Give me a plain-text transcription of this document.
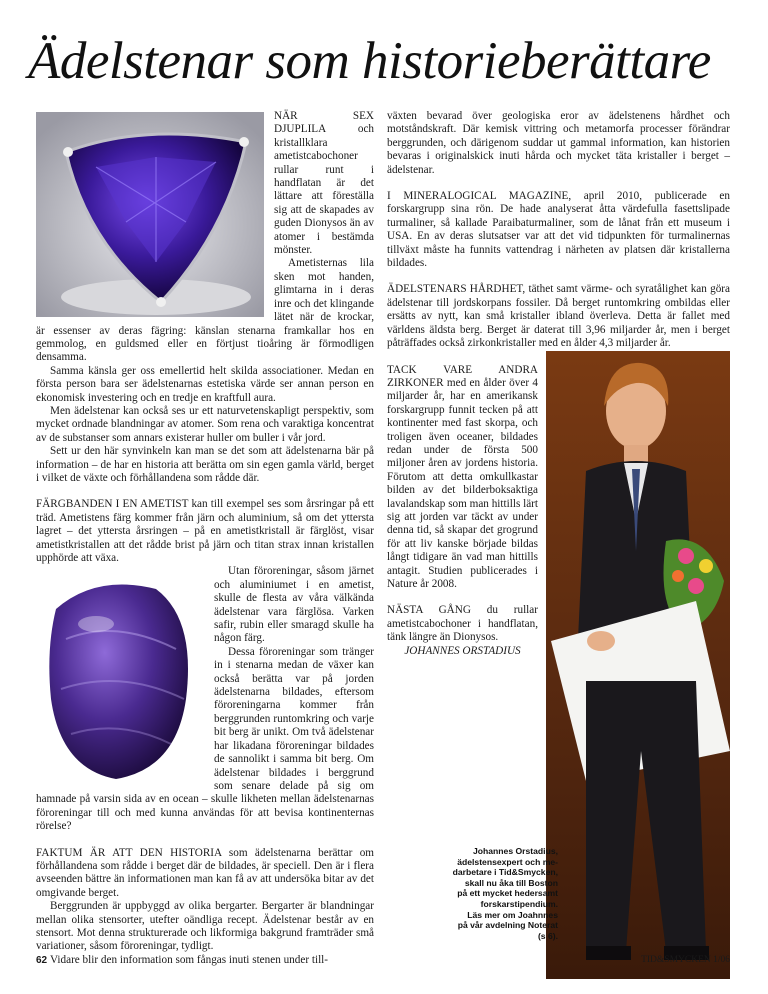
Ädelstenar som historieberättare

NÄR SEX DJUPLILA och kristallklara ametistcabochoner rullar runt i handflatan är det lättare att föreställa sig att de skapades av guden Dionysos än av atomer i bestämda mönster.

Ametisternas lila sken mot handen, glimtarna in i deras inre och det klingande lätet när de krockar, är essenser av deras fägring: känslan stenarna framkallar hos en gemmolog, en guldsmed eller en förtjust tioåring är förmodligen densamma.

Samma känsla ger oss emellertid helt skilda associationer. Medan en första person bara ser ädelstenarnas estetiska värde ser annan person en ekonomisk investering och en tredje en kraftfull aura.

Men ädelstenar kan också ses ur ett naturvetenskapligt perspektiv, som mycket ordnade blandningar av atomer. Som rena och varaktiga koncentrat av de substanser som annars existerar huller om buller i vår jord.

Sett ur den här synvinkeln kan man se det som att ädelstenarna bär på information – de har en historia att berätta om sin egen gamla värld, berget i vilket de växte och förhållandena som rådde där.

FÄRGBANDEN I EN AMETIST kan till exempel ses som årsringar på ett träd. Ametistens färg kommer från järn och aluminium, så om det yttersta lagret – det yttersta årsringen – på en ametistkristall är färglöst, visar ametistkristallen att det rådde brist på järn och titan strax innan kristallen upphörde att växa.

Utan föroreningar, såsom järnet och aluminiumet i en ametist, skulle de flesta av våra välkända ädelstenar vara färglösa. Varken safir, rubin eller smaragd skulle ha någon färg.

Dessa föroreningar som tränger in i stenarna medan de växer kan också berätta var på jorden ädelstenarna bildades, eftersom föroreningarna kommer från berggrunden runtomkring och varje bit berg är unikt. Om två ädelstenar har likadana föroreningar bildades de sannolikt i samma bit berg. Om ädelstenar bildades i berggrund som senare delade på sig om hamnade på varsin sida av en ocean – skulle likheten mellan ädelstenarnas föroreningar till och med kunna användas för att bevisa kontinenternas rörelse?

FAKTUM ÄR ATT DEN HISTORIA som ädelstenarna berättar om förhållandena som rådde i berget där de bildades, är speciell. Den är i flera avseenden bättre än informationen man kan få av att undersöka bitar av det omgivande berget.

Berggrunden är uppbyggd av olika bergarter. Bergarter är blandningar mellan olika stensorter, utefter oändliga recept. Ädelstenar består av en stensort. Mot denna strukturerade och likformiga bakgrund framträder små variationer, såsom föroreningar, tydligt.

Vidare blir den information som fångas inuti stenen under till-

växten bevarad över geologiska eror av ädelstenens hårdhet och motståndskraft. Där kemisk vittring och metamorfa processer förändrar berggrunden, och därigenom suddar ut gammal information, kan historien bevaras i originalskick inuti hårda och mycket täta kristaller i berget – ädelstenar.

I MINERALOGICAL MAGAZINE, april 2010, publicerade en forskargrupp sina rön. De hade analyserat åtta värdefulla fasettslipade turmaliner, så kallade Paraibaturmaliner, som de lånat från ett museum i USA. En av deras slutsatser var att det vid tidpunkten för turmalinernas tillväxt måste ha funnits vattendrag i närheten av platsen där kristallerna bildades.

ÄDELSTENARS HÅRDHET, täthet samt värme- och syratålighet kan göra ädelstenar till jordskorpans fossiler. Då berget runtomkring ombildas eller ersätts av nytt, kan små kristaller ibland överleva. Detta är fallet med världens äldsta berg. Berget är daterat till 3,96 miljarder år, men i berget påträffades också zirkonkristaller med en ålder 4,3 miljarder år.

TACK VARE ANDRA ZIRKONER med en ålder över 4 miljarder år, har en amerikansk forskargrupp funnit tecken på att kontinenter med fast skorpa, och troligen även oceaner, bildades redan under de första 500 miljoner åren av jordens historia. Förutom att detta omkullkastar bilden av det bilderboksaktiga lavalandskap som man hittills lärt sig att jorden var täckt av under denna tid, så skapar det grogrund för att liv kanske började bildas långt tidigare än vad man hittills antagit. Studien publicerades i Nature år 2008.

NÄSTA GÅNG du rullar ametistcabochoner i handflatan, tänk längre än Dionysos.

JOHANNES ORSTADIUS

Johannes Orstadius,
ädelstensexpert och me-
darbetare i Tid&Smycken,
skall nu åka till Boston
på ett mycket hedersamt
forskarstipendium.
Läs mer om Joahnnes
på vår avdelning Noterat
(s 6).
62	TID&SMYCKEN 1/06
